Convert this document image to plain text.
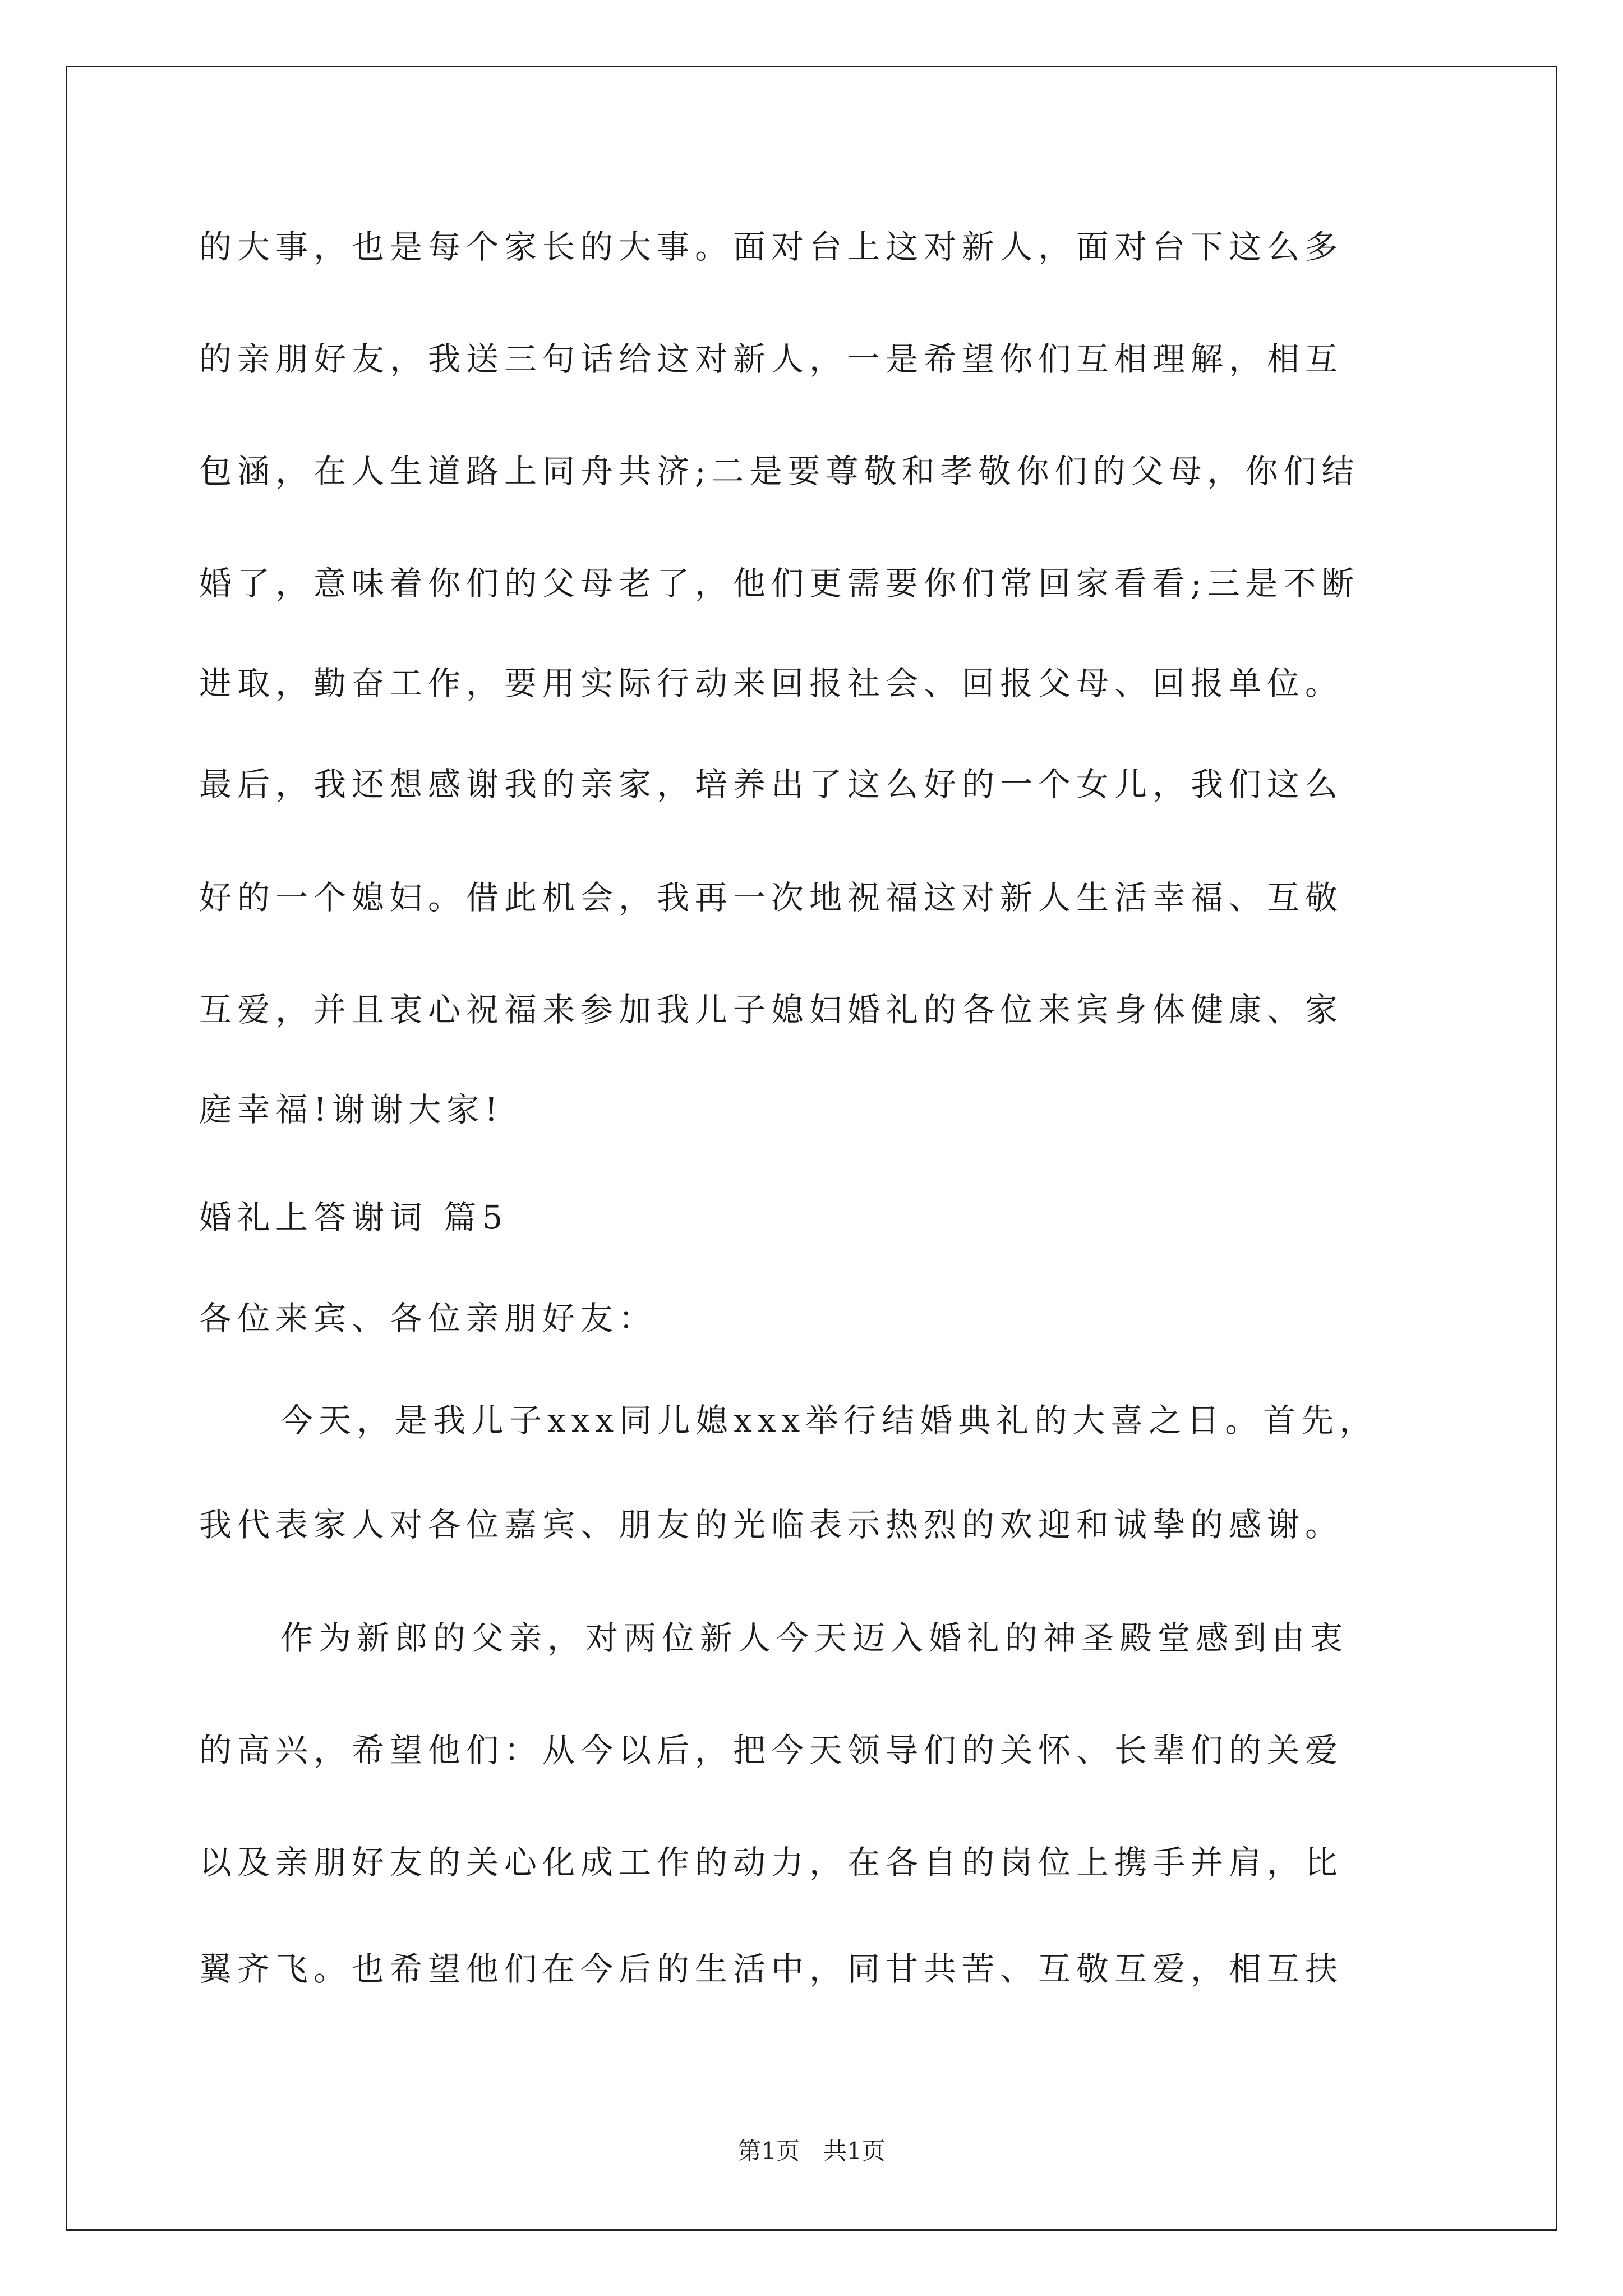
的大事，也是每个家长的大事。面对台上这对新人，面对台下这么多
的亲朋好友，我送三句话给这对新人，一是希望你们互相理解，相互
包涵，在人生道路上同舟共济;二是要尊敬和孝敬你们的父母，你们结
婚了，意味着你们的父母老了，他们更需要你们常回家看看;三是不断
进取，勤奋工作，要用实际行动来回报社会、回报父母、回报单位。
最后，我还想感谢我的亲家，培养出了这么好的一个女儿，我们这么
好的一个媳妇。借此机会，我再一次地祝福这对新人生活幸福、互敬
互爱，并且衷心祝福来参加我儿子媳妇婚礼的各位来宾身体健康、家
庭幸福!谢谢大家!
婚礼上答谢词 篇5
各位来宾、各位亲朋好友：
今天，是我儿子xxx同儿媳xxx举行结婚典礼的大喜之日。首先，
我代表家人对各位嘉宾、朋友的光临表示热烈的欢迎和诚挚的感谢。
作为新郎的父亲，对两位新人今天迈入婚礼的神圣殿堂感到由衷
的高兴，希望他们：从今以后，把今天领导们的关怀、长辈们的关爱
以及亲朋好友的关心化成工作的动力，在各自的岗位上携手并肩，比
翼齐飞。也希望他们在今后的生活中，同甘共苦、互敬互爱，相互扶
第1页　共1页
